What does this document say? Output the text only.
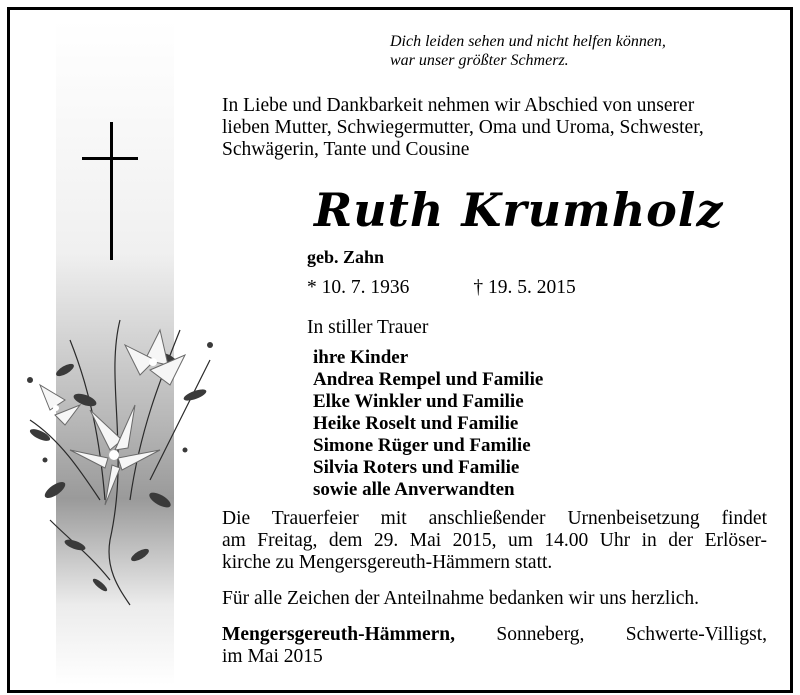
Dich leiden sehen und nicht helfen können,
war unser größter Schmerz.
In Liebe und Dankbarkeit nehmen wir Abschied von unserer
lieben Mutter, Schwiegermutter, Oma und Uroma, Schwester,
Schwägerin, Tante und Cousine
Ruth Krumholz
geb. Zahn
* 10. 7. 1936	† 19. 5. 2015
In stiller Trauer
ihre Kinder
Andrea Rempel und Familie
Elke Winkler und Familie
Heike Roselt und Familie
Simone Rüger und Familie
Silvia Roters und Familie
sowie alle Anverwandten
Die Trauerfeier mit anschließender Urnenbeisetzung findet
am Freitag, dem 29. Mai 2015, um 14.00 Uhr in der Erlöser-
kirche zu Mengersgereuth-Hämmern statt.
Für alle Zeichen der Anteilnahme bedanken wir uns herzlich.
Mengersgereuth-Hämmern, Sonneberg, Schwerte-Villigst,
im Mai 2015
